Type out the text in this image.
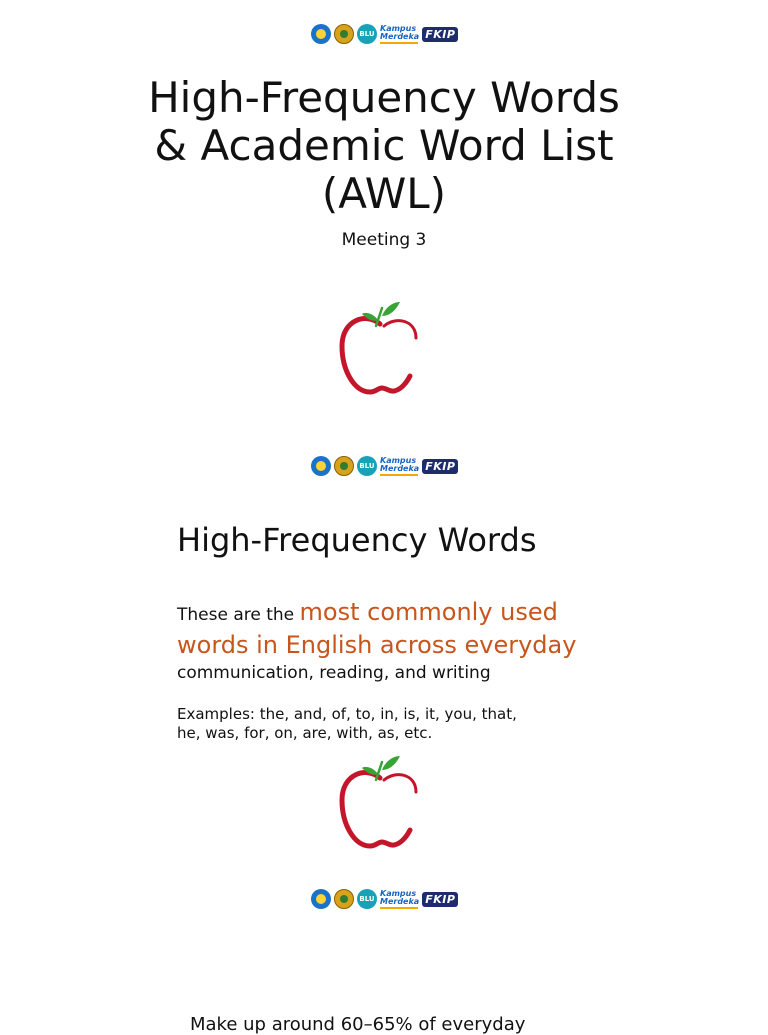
BLU
Kampus
Merdeka FKIP
High-Frequency Words
& Academic Word List
(AWL)
Meeting 3
BLU
Kampus
Merdeka FKIP
High-Frequency Words
These are the most commonly used
words in English across everyday
communication, reading, and writing
Examples: the, and, of, to, in, is, it, you, that,
he, was, for, on, are, with, as, etc.
BLU
Kampus
Merdeka FKIP
Make up around 60–65% of everyday
